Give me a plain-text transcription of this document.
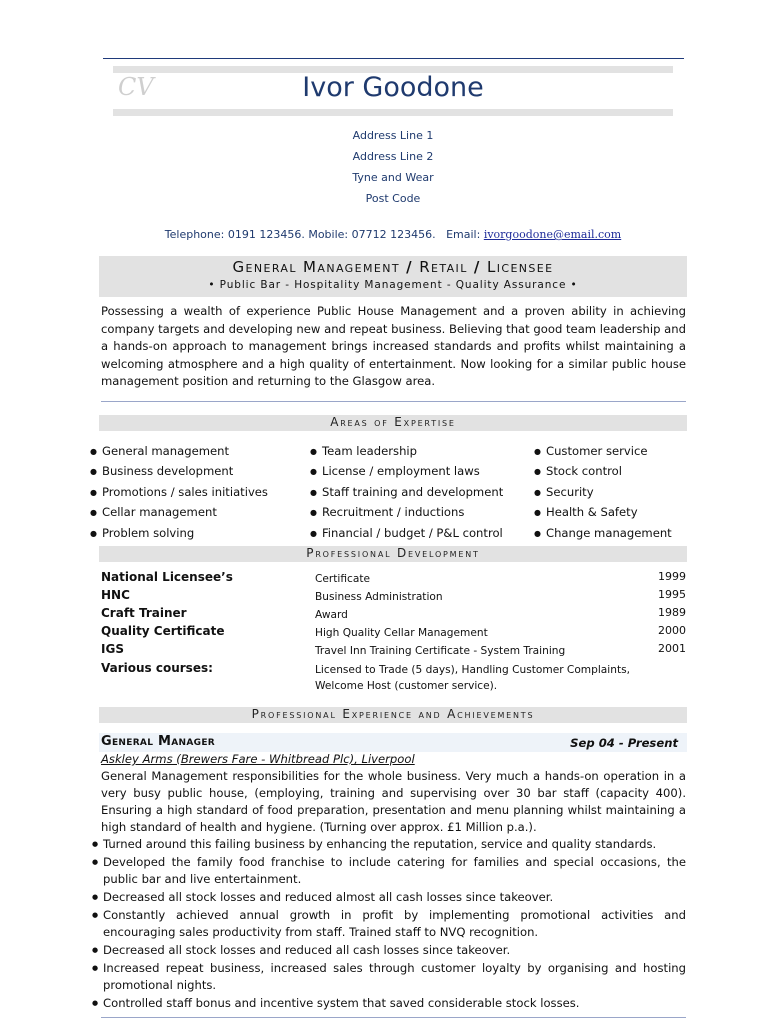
CV	Ivor Goodone
Address Line 1
Address Line 2
Tyne and Wear
Post Code
Telephone: 0191 123456. Mobile: 07712 123456.   Email: ivorgoodone@email.com
General Management / Retail / Licensee
• Public Bar - Hospitality Management - Quality Assurance •
Possessing a wealth of experience Public House Management and a proven ability in achieving company targets and developing new and repeat business. Believing that good team leadership and a hands-on approach to management brings increased standards and profits whilst maintaining a welcoming atmosphere and a high quality of entertainment. Now looking for a similar public house management position and returning to the Glasgow area.
Areas of Expertise
● General management
● Business development
● Promotions / sales initiatives
● Cellar management
● Problem solving
● Team leadership
● License / employment laws
● Staff training and development
● Recruitment / inductions
● Financial / budget / P&L control
● Customer service
● Stock control
● Security
● Health & Safety
● Change management
Professional Development
National Licensee’s	Certificate	1999
HNC	Business Administration	1995
Craft Trainer	Award	1989
Quality Certificate	High Quality Cellar Management	2000
IGS	Travel Inn Training Certificate - System Training	2001
Various courses:	Licensed to Trade (5 days), Handling Customer Complaints, Welcome Host (customer service).
Professional Experience and Achievements
General Manager	Sep 04 - Present
Askley Arms (Brewers Fare - Whitbread Plc), Liverpool
General Management responsibilities for the whole business. Very much a hands-on operation in a very busy public house, (employing, training and supervising over 30 bar staff (capacity 400). Ensuring a high standard of food preparation, presentation and menu planning whilst maintaining a high standard of health and hygiene. (Turning over approx. £1 Million p.a.).
● Turned around this failing business by enhancing the reputation, service and quality standards.
● Developed the family food franchise to include catering for families and special occasions, the public bar and live entertainment.
● Decreased all stock losses and reduced almost all cash losses since takeover.
● Constantly achieved annual growth in profit by implementing promotional activities and encouraging sales productivity from staff. Trained staff to NVQ recognition.
● Decreased all stock losses and reduced all cash losses since takeover.
● Increased repeat business, increased sales through customer loyalty by organising and hosting promotional nights.
● Controlled staff bonus and incentive system that saved considerable stock losses.
